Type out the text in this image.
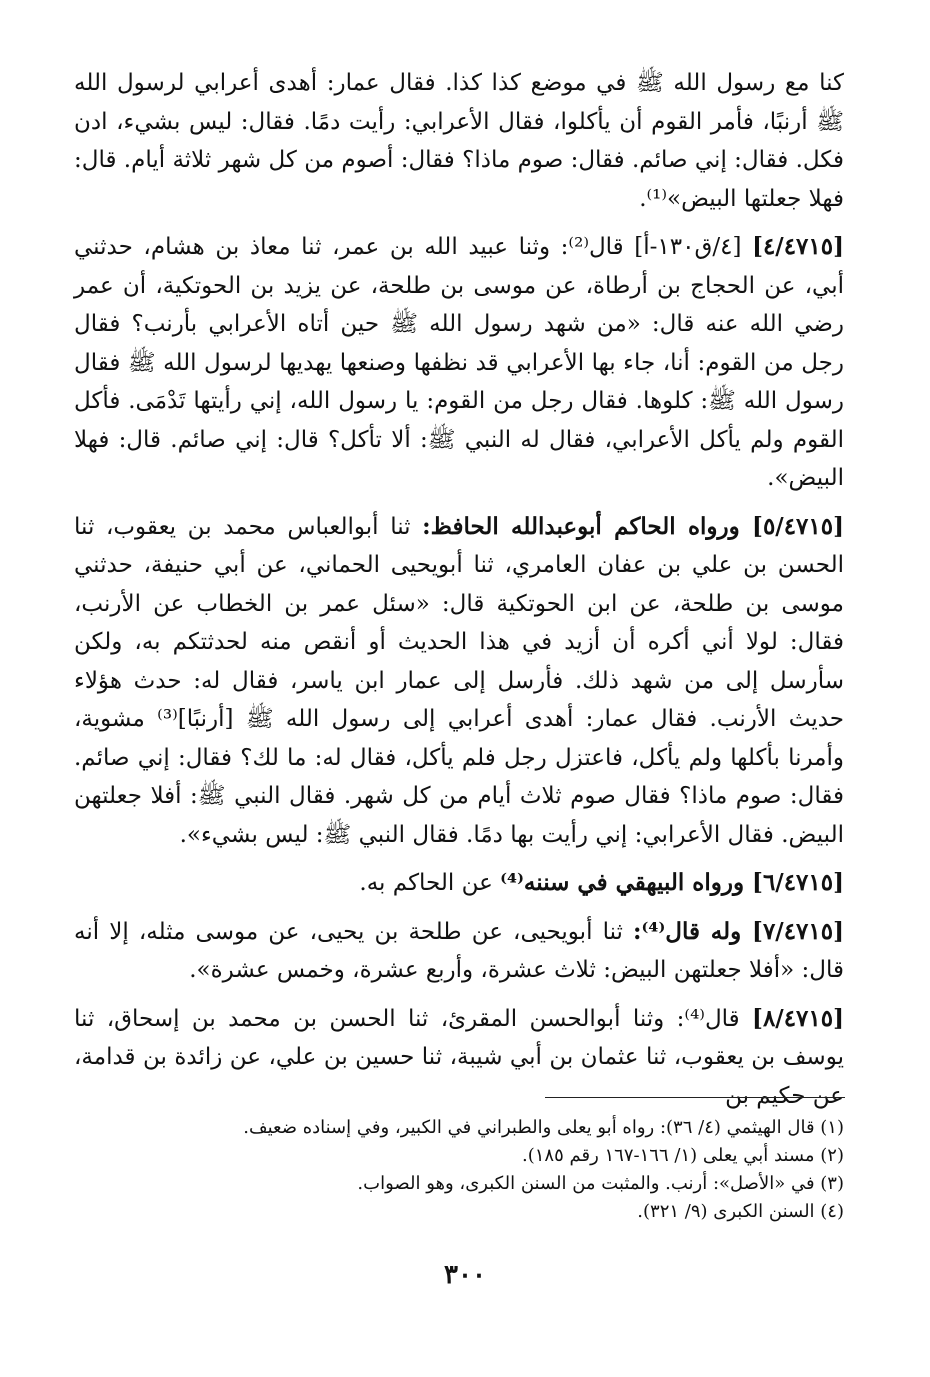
كنا مع رسول الله ﷺ في موضع كذا كذا. فقال عمار: أهدى أعرابي لرسول الله ﷺ أرنبًا، فأمر القوم أن يأكلوا، فقال الأعرابي: رأيت دمًا. فقال: ليس بشيء، ادن فكل. فقال: إني صائم. فقال: صوم ماذا؟ فقال: أصوم من كل شهر ثلاثة أيام. قال: فهلا جعلتها البيض»⁽¹⁾.

[٤/٤٧١٥] [٤/ق١٣٠-أ] قال⁽²⁾: وثنا عبيد الله بن عمر، ثنا معاذ بن هشام، حدثني أبي، عن الحجاج بن أرطاة، عن موسى بن طلحة، عن يزيد بن الحوتكية، أن عمر رضي الله عنه قال: «من شهد رسول الله ﷺ حين أتاه الأعرابي بأرنب؟ فقال رجل من القوم: أنا، جاء بها الأعرابي قد نظفها وصنعها يهديها لرسول الله ﷺ فقال رسول الله ﷺ: كلوها. فقال رجل من القوم: يا رسول الله، إني رأيتها تَدْمَى. فأكل القوم ولم يأكل الأعرابي، فقال له النبي ﷺ: ألا تأكل؟ قال: إني صائم. قال: فهلا البيض».

[٥/٤٧١٥] ورواه الحاكم أبوعبدالله الحافظ: ثنا أبوالعباس محمد بن يعقوب، ثنا الحسن بن علي بن عفان العامري، ثنا أبويحيى الحماني، عن أبي حنيفة، حدثني موسى بن طلحة، عن ابن الحوتكية قال: «سئل عمر بن الخطاب عن الأرنب، فقال: لولا أني أكره أن أزيد في هذا الحديث أو أنقص منه لحدثتكم به، ولكن سأرسل إلى من شهد ذلك. فأرسل إلى عمار ابن ياسر، فقال له: حدث هؤلاء حديث الأرنب. فقال عمار: أهدى أعرابي إلى رسول الله ﷺ [أرنبًا]⁽³⁾ مشوية، وأمرنا بأكلها ولم يأكل، فاعتزل رجل فلم يأكل، فقال له: ما لك؟ فقال: إني صائم. فقال: صوم ماذا؟ فقال صوم ثلاث أيام من كل شهر. فقال النبي ﷺ: أفلا جعلتهن البيض. فقال الأعرابي: إني رأيت بها دمًا. فقال النبي ﷺ: ليس بشيء».

[٦/٤٧١٥] ورواه البيهقي في سننه⁽⁴⁾ عن الحاكم به.

[٧/٤٧١٥] وله قال⁽⁴⁾: ثنا أبويحيى، عن طلحة بن يحيى، عن موسى مثله، إلا أنه قال: «أفلا جعلتهن البيض: ثلاث عشرة، وأربع عشرة، وخمس عشرة».

[٨/٤٧١٥] قال⁽⁴⁾: وثنا أبوالحسن المقرئ، ثنا الحسن بن محمد بن إسحاق، ثنا يوسف بن يعقوب، ثنا عثمان بن أبي شيبة، ثنا حسين بن علي، عن زائدة بن قدامة، عن حكيم بن

(١) قال الهيثمي (٤/ ٣٦): رواه أبو يعلى والطبراني في الكبير، وفي إسناده ضعيف.
(٢) مسند أبي يعلى (١/ ١٦٦-١٦٧ رقم ١٨٥).
(٣) في «الأصل»: أرنب. والمثبت من السنن الكبرى، وهو الصواب.
(٤) السنن الكبرى (٩/ ٣٢١).
٣٠٠
